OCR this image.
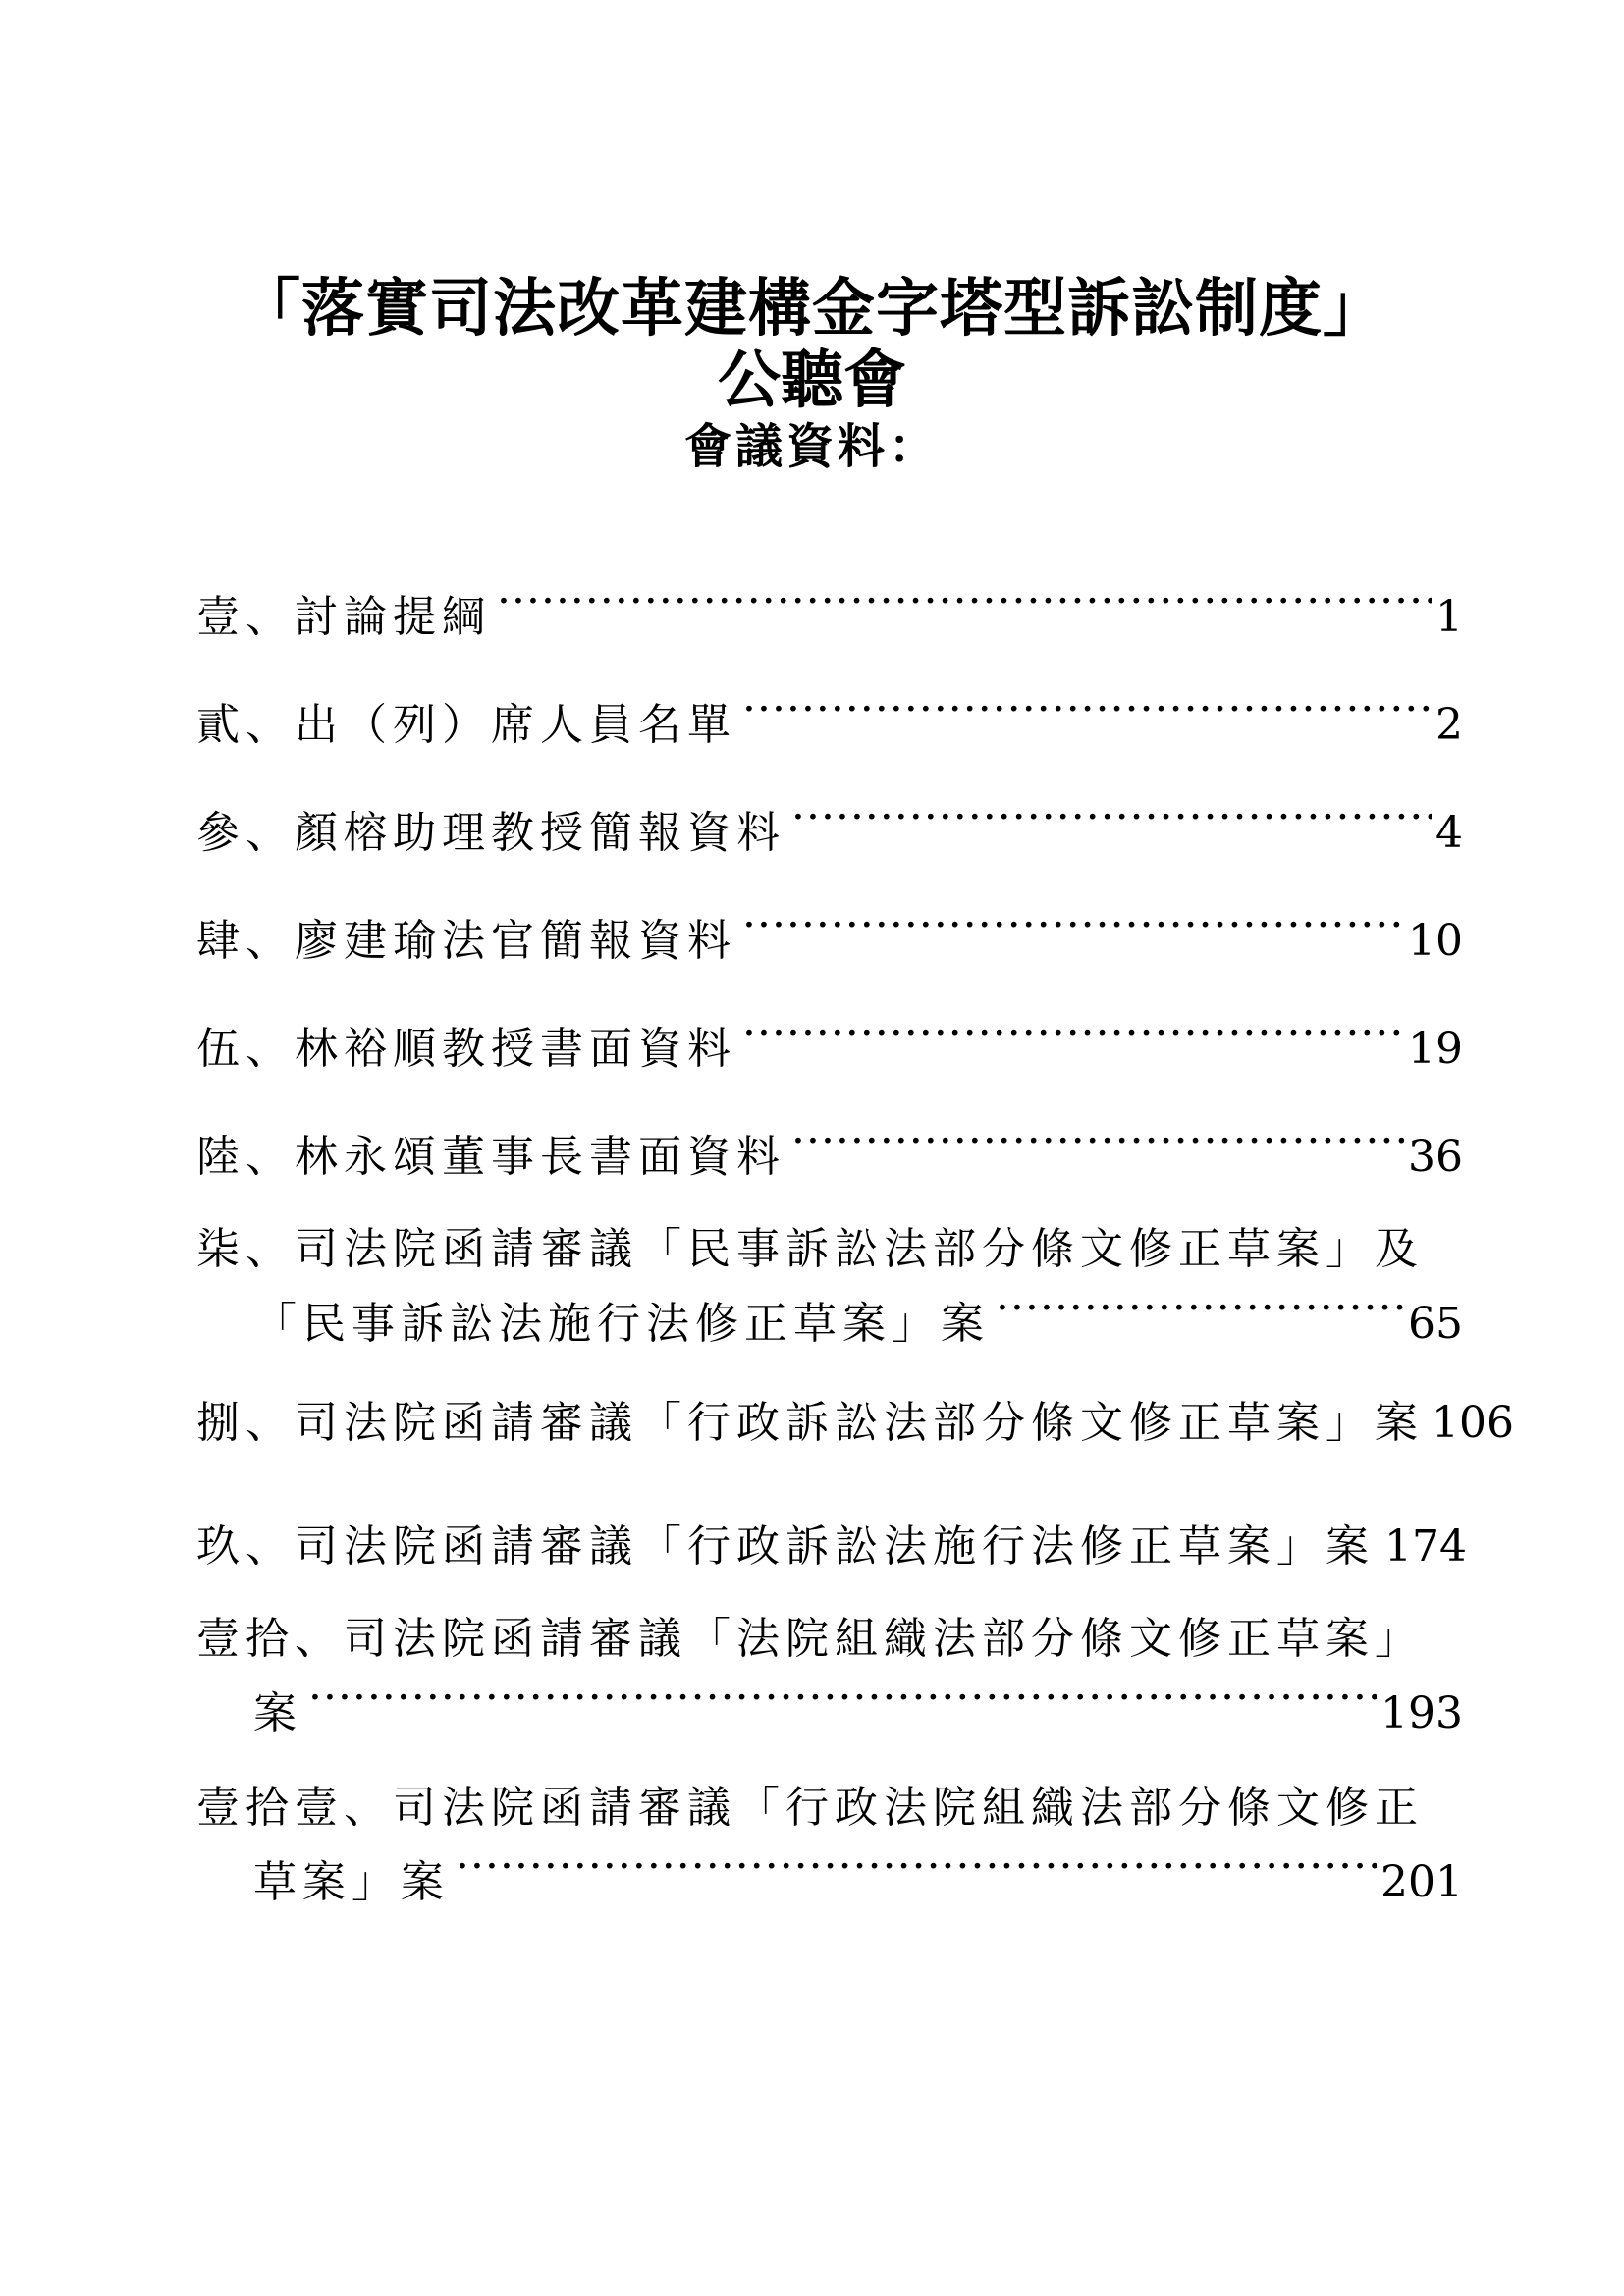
「落實司法改革建構金字塔型訴訟制度」
公聽會
會議資料：
壹、討論提綱 ·····	1
貳、出（列）席人員名單 ·····	2
參、顏榕助理教授簡報資料 ·····	4
肆、廖建瑜法官簡報資料 ·····	10
伍、林裕順教授書面資料 ·····	19
陸、林永頌董事長書面資料 ·····	36
柒、司法院函請審議「民事訴訟法部分條文修正草案」及
「民事訴訟法施行法修正草案」案 ·····	65
捌、司法院函請審議「行政訴訟法部分條文修正草案」案 106
玖、司法院函請審議「行政訴訟法施行法修正草案」案 174
壹拾、司法院函請審議「法院組織法部分條文修正草案」
案 ·····	193
壹拾壹、司法院函請審議「行政法院組織法部分條文修正
草案」案 ·····	201
